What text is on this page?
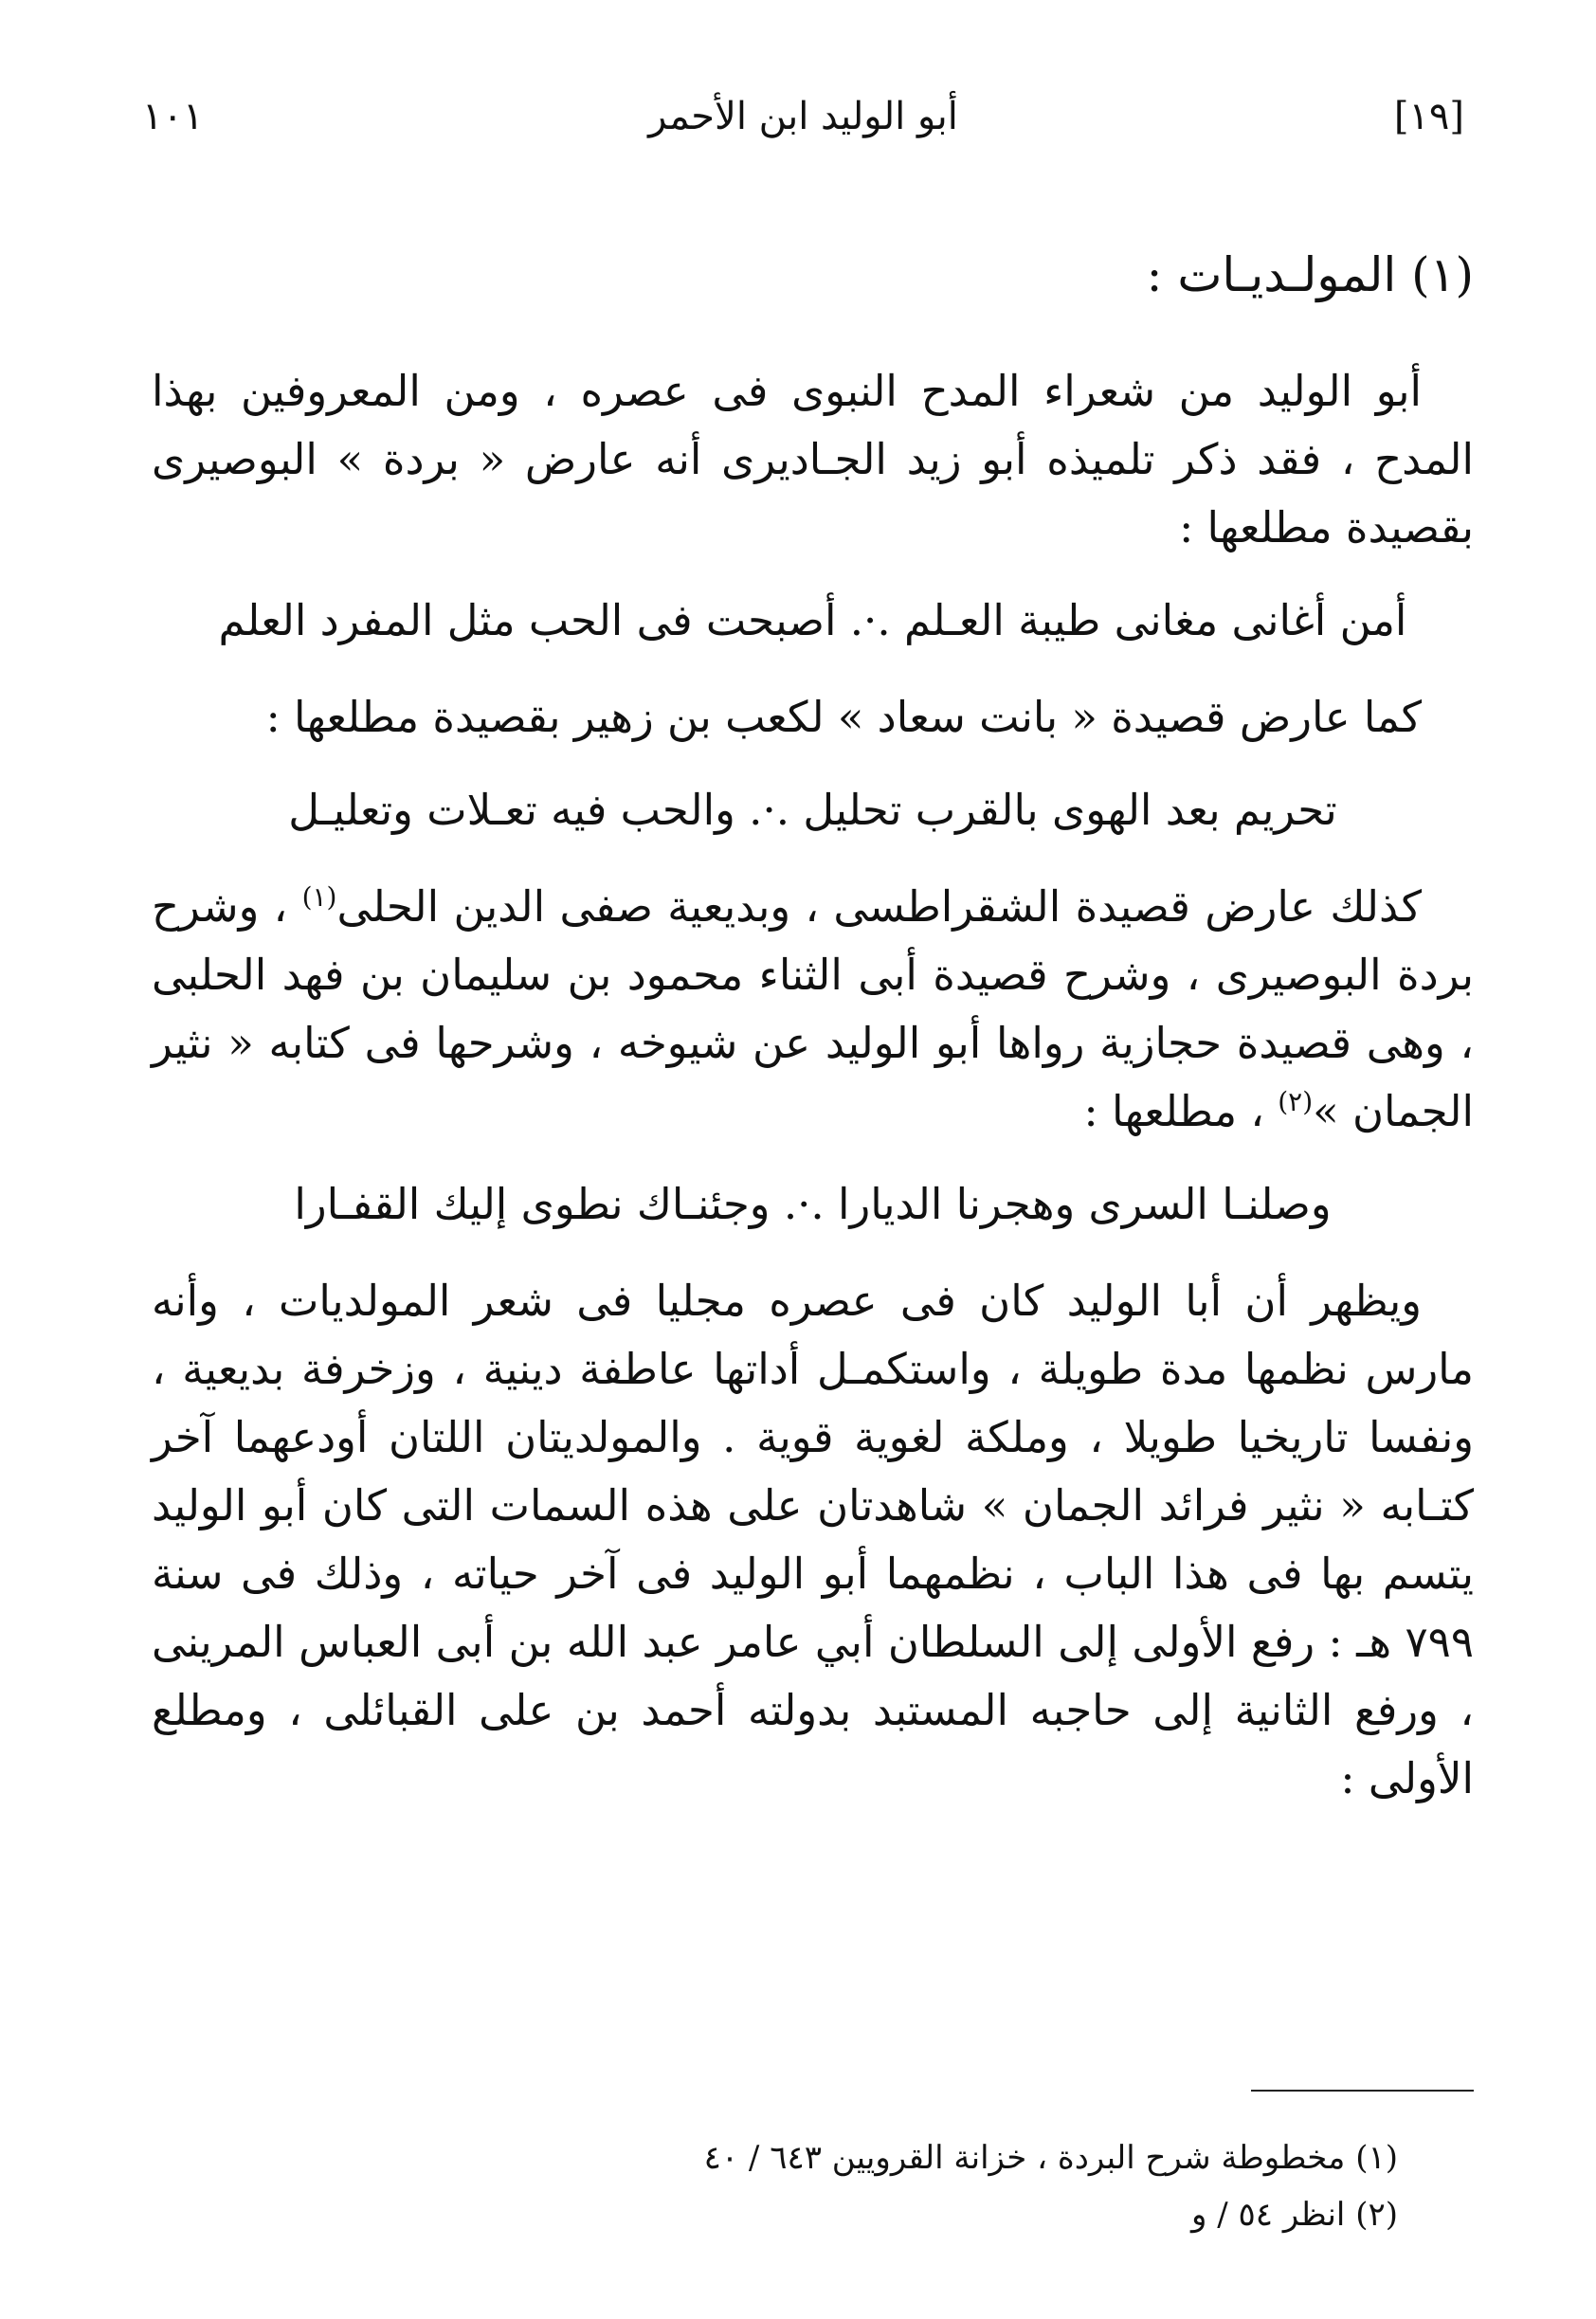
[١٩]
أبو الوليد ابن الأحمر
١٠١
(١) المولـديـات :

أبو الوليد من شعراء المدح النبوى فى عصره ، ومن المعروفين بهذا المدح ، فقد ذكر تلميذه أبو زيد الجـاديرى أنه عارض « بردة » البوصيرى بقصيدة مطلعها :

أمن أغانى مغانى طيبة العـلم .·. أصبحت فى الحب مثل المفرد العلم

كما عارض قصيدة « بانت سعاد » لكعب بن زهير بقصيدة مطلعها :

تحريم بعد الهوى بالقرب تحليل .·. والحب فيه تعـلات وتعليـل

كذلك عارض قصيدة الشقراطسى ، وبديعية صفى الدين الحلى$^{(١)}$ ، وشرح بردة البوصيرى ، وشرح قصيدة أبى الثناء محمود بن سليمان بن فهد الحلبى ، وهى قصيدة حجازية رواها أبو الوليد عن شيوخه ، وشرحها فى كتابه « نثير الجمان »$^{(٢)}$ ، مطلعها :

وصلنـا السرى وهجرنا الديارا .·. وجئنـاك نطوى إليك القفـارا

ويظهر أن أبا الوليد كان فى عصره مجليا فى شعر المولديات ، وأنه مارس نظمها مدة طويلة ، واستكمـل أداتها عاطفة دينية ، وزخرفة بديعية ، ونفسا تاريخيا طويلا ، وملكة لغوية قوية . والمولديتان اللتان أودعهما آخر كتـابه « نثير فرائد الجمان » شاهدتان على هذه السمات التى كان أبو الوليد يتسم بها فى هذا الباب ، نظمهما أبو الوليد فى آخر حياته ، وذلك فى سنة ٧٩٩ هـ : رفع الأولى إلى السلطان أبي عامر عبد الله بن أبى العباس المرينى ، ورفع الثانية إلى حاجبه المستبد بدولته أحمد بن على القبائلى ، ومطلع الأولى :

(١) مخطوطة شرح البردة ، خزانة القرويين ٦٤٣ / ٤٠

(٢) انظر ٥٤ / و
